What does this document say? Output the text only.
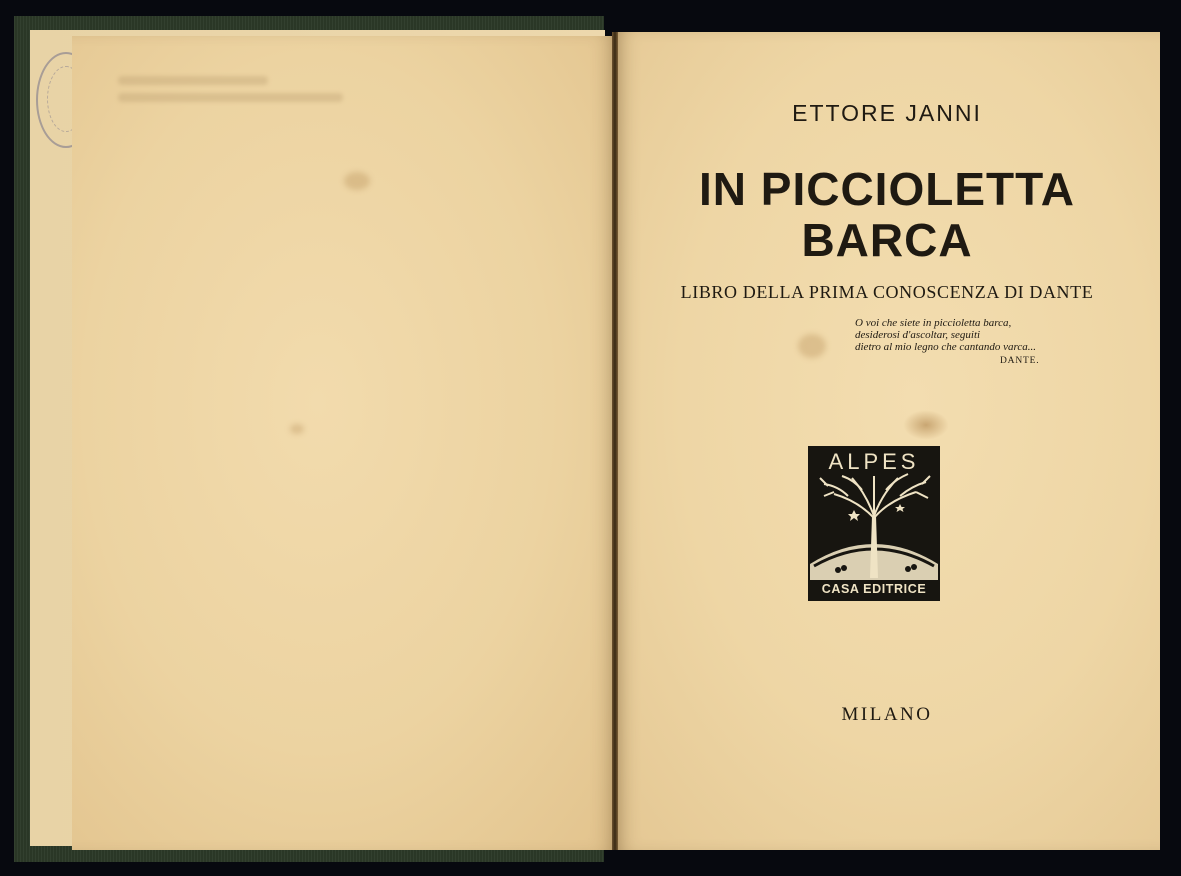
ETTORE JANNI
IN PICCIOLETTA
BARCA
LIBRO DELLA PRIMA CONOSCENZA DI DANTE
O voi che siete in piccioletta barca,
desiderosi d'ascoltar, seguiti
dietro al mio legno che cantando varca...
DANTE.
ALPES
CASA EDITRICE
MILANO
